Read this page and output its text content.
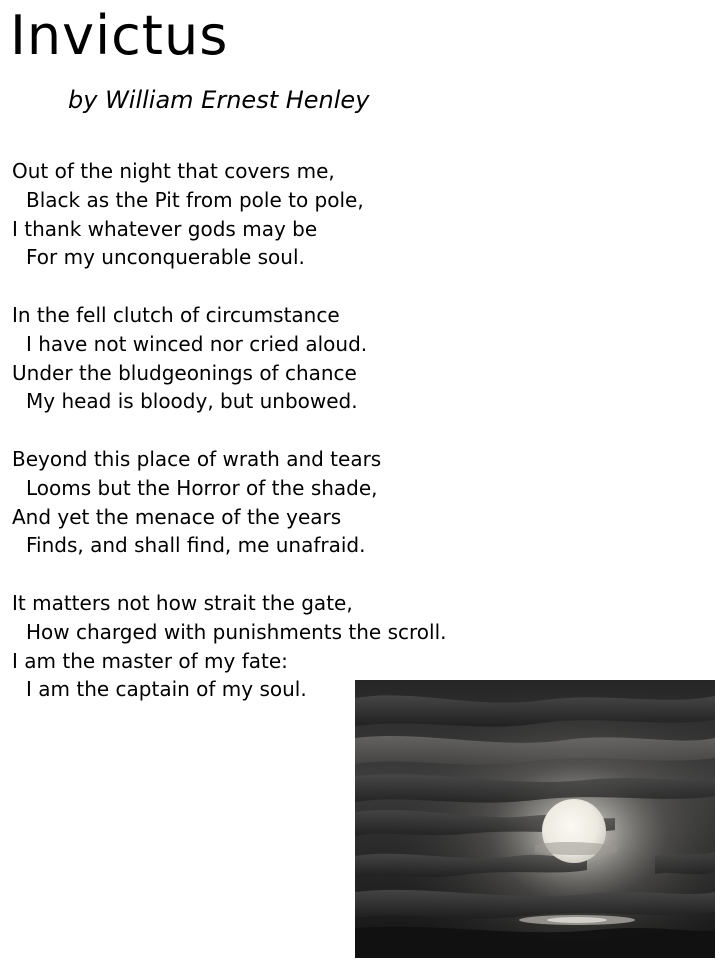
Invictus
by William Ernest Henley
Out of the night that covers me,
Black as the Pit from pole to pole,
I thank whatever gods may be
For my unconquerable soul.
In the fell clutch of circumstance
I have not winced nor cried aloud.
Under the bludgeonings of chance
My head is bloody, but unbowed.
Beyond this place of wrath and tears
Looms but the Horror of the shade,
And yet the menace of the years
Finds, and shall find, me unafraid.
It matters not how strait the gate,
How charged with punishments the scroll.
I am the master of my fate:
I am the captain of my soul.
